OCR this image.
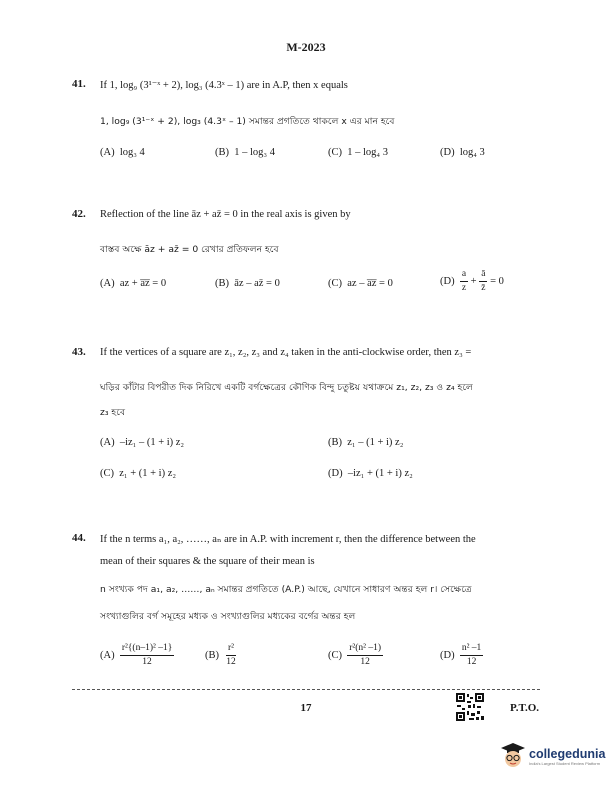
M-2023
41. If 1, log₉ (3¹⁻ˣ + 2), log₃ (4.3ˣ – 1) are in A.P, then x equals
1, log₉ (3¹⁻ˣ + 2), log₃ (4.3ˣ – 1) সমান্তর প্রগতিতে থাকলে x এর মান হবে
(A) log₃ 4	(B) 1 – log₃ 4	(C) 1 – log₄ 3	(D) log₄ 3
42. Reflection of the line āz + az̄ = 0 in the real axis is given by
বাস্তব অক্ষে āz + az̄ = 0 রেখার প্রতিফলন হবে
(A) az + a̅z̅ = 0	(B) āz – az̄ = 0	(C) az – a̅z̅ = 0	$(D) \frac{a}{z} + \frac{ā}{z̄} = 0$
43. If the vertices of a square are z₁, z₂, z₃ and z₄ taken in the anti-clockwise order, then z₃ =
ঘড়ির কাঁটার বিপরীত দিক নিরিখে একটি বর্গক্ষেত্রের কৌণিক বিন্দু চতুষ্টয় যথাক্রমে z₁, z₂, z₃ ও z₄ হলে
z₃ হবে
(A) –iz₁ – (1 + i) z₂	(B) z₁ – (1 + i) z₂
(C) z₁ + (1 + i) z₂	(D) –iz₁ + (1 + i) z₂
44. If the n terms a₁, a₂, ……, aₙ are in A.P. with increment r, then the difference between the
mean of their squares & the square of their mean is
n সংখ্যক পদ a₁, a₂, ……, aₙ সমান্তর প্রগতিতে (A.P.) আছে, যেখানে সাধারণ অন্তর হল r। সেক্ষেত্রে
সংখ্যাগুলির বর্গ সমূহের মধ্যক ও সংখ্যাগুলির মধ্যকের বর্গের অন্তর হল
$(A) \frac{\text{r²\{(n–1)² –1\}}}{12}$	$(B) \frac{\text{r²}}{12}$	$(C) \frac{\text{r²(n² –1)}}{12}$	$(D) \frac{\text{n² –1}}{12}$
17	P.T.O.
collegedunia
India's Largest Student Review Platform
